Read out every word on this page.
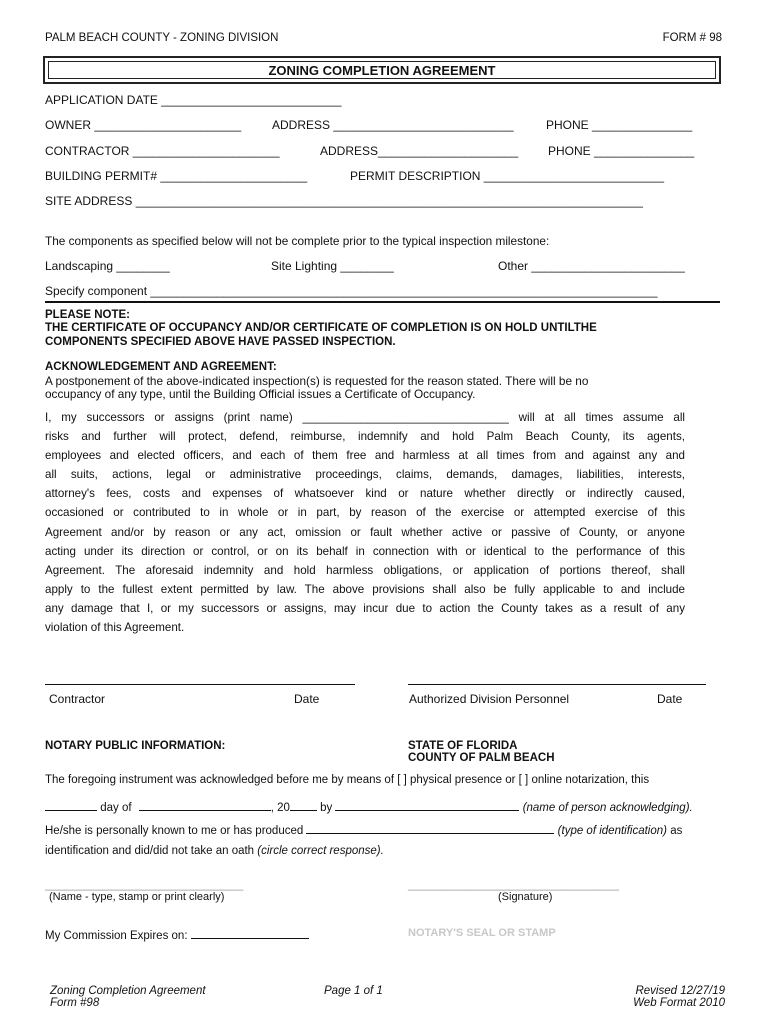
PALM BEACH COUNTY - ZONING DIVISION	FORM # 98
ZONING COMPLETION AGREEMENT
APPLICATION DATE ___________________________
OWNER ______________________	ADDRESS ___________________________	PHONE _______________
CONTRACTOR ______________________	ADDRESS_____________________ PHONE _______________
BUILDING PERMIT# ______________________	PERMIT DESCRIPTION ___________________________
SITE ADDRESS ____________________________________________________________________________
The components as specified below will not be complete prior to the typical inspection milestone:
Landscaping ________	Site Lighting ________	Other _______________________
Specify component ____________________________________________________________________________
PLEASE NOTE:
THE CERTIFICATE OF OCCUPANCY AND/OR CERTIFICATE OF COMPLETION IS ON HOLD UNTILTHE
COMPONENTS SPECIFIED ABOVE HAVE PASSED INSPECTION.
ACKNOWLEDGEMENT AND AGREEMENT:
A postponement of the above-indicated inspection(s) is requested for the reason stated. There will be no
occupancy of any type, until the Building Official issues a Certificate of Occupancy.
I, my successors or assigns (print name) ________________________________ will at all times assume all
risks and further will protect, defend, reimburse, indemnify and hold Palm Beach County, its agents,
employees and elected officers, and each of them free and harmless at all times from and against any and
all suits, actions, legal or administrative proceedings, claims, demands, damages, liabilities, interests,
attorney's fees, costs and expenses of whatsoever kind or nature whether directly or indirectly caused,
occasioned or contributed to in whole or in part, by reason of the exercise or attempted exercise of this
Agreement and/or by reason or any act, omission or fault whether active or passive of County, or anyone
acting under its direction or control, or on its behalf in connection with or identical to the performance of this
Agreement. The aforesaid indemnity and hold harmless obligations, or application of portions thereof, shall
apply to the fullest extent permitted by law. The above provisions shall also be fully applicable to and include
any damage that I, or my successors or assigns, may incur due to action the County takes as a result of any
violation of this Agreement.
Contractor	Date	Authorized Division Personnel	Date
NOTARY PUBLIC INFORMATION:	STATE OF FLORIDA
COUNTY OF PALM BEACH
The foregoing instrument was acknowledged before me by means of [ ] physical presence or [ ] online notarization, this
day of	, 20	by	(name of person acknowledging).
He/she is personally known to me or has produced	(type of identification) as
identification and did/did not take an oath (circle correct response).
_______________________________
(Name - type, stamp or print clearly)
_________________________________
(Signature)
My Commission Expires on:	NOTARY'S SEAL OR STAMP
Zoning Completion Agreement
Form #98
Page 1 of 1	Revised 12/27/19
Web Format 2010
